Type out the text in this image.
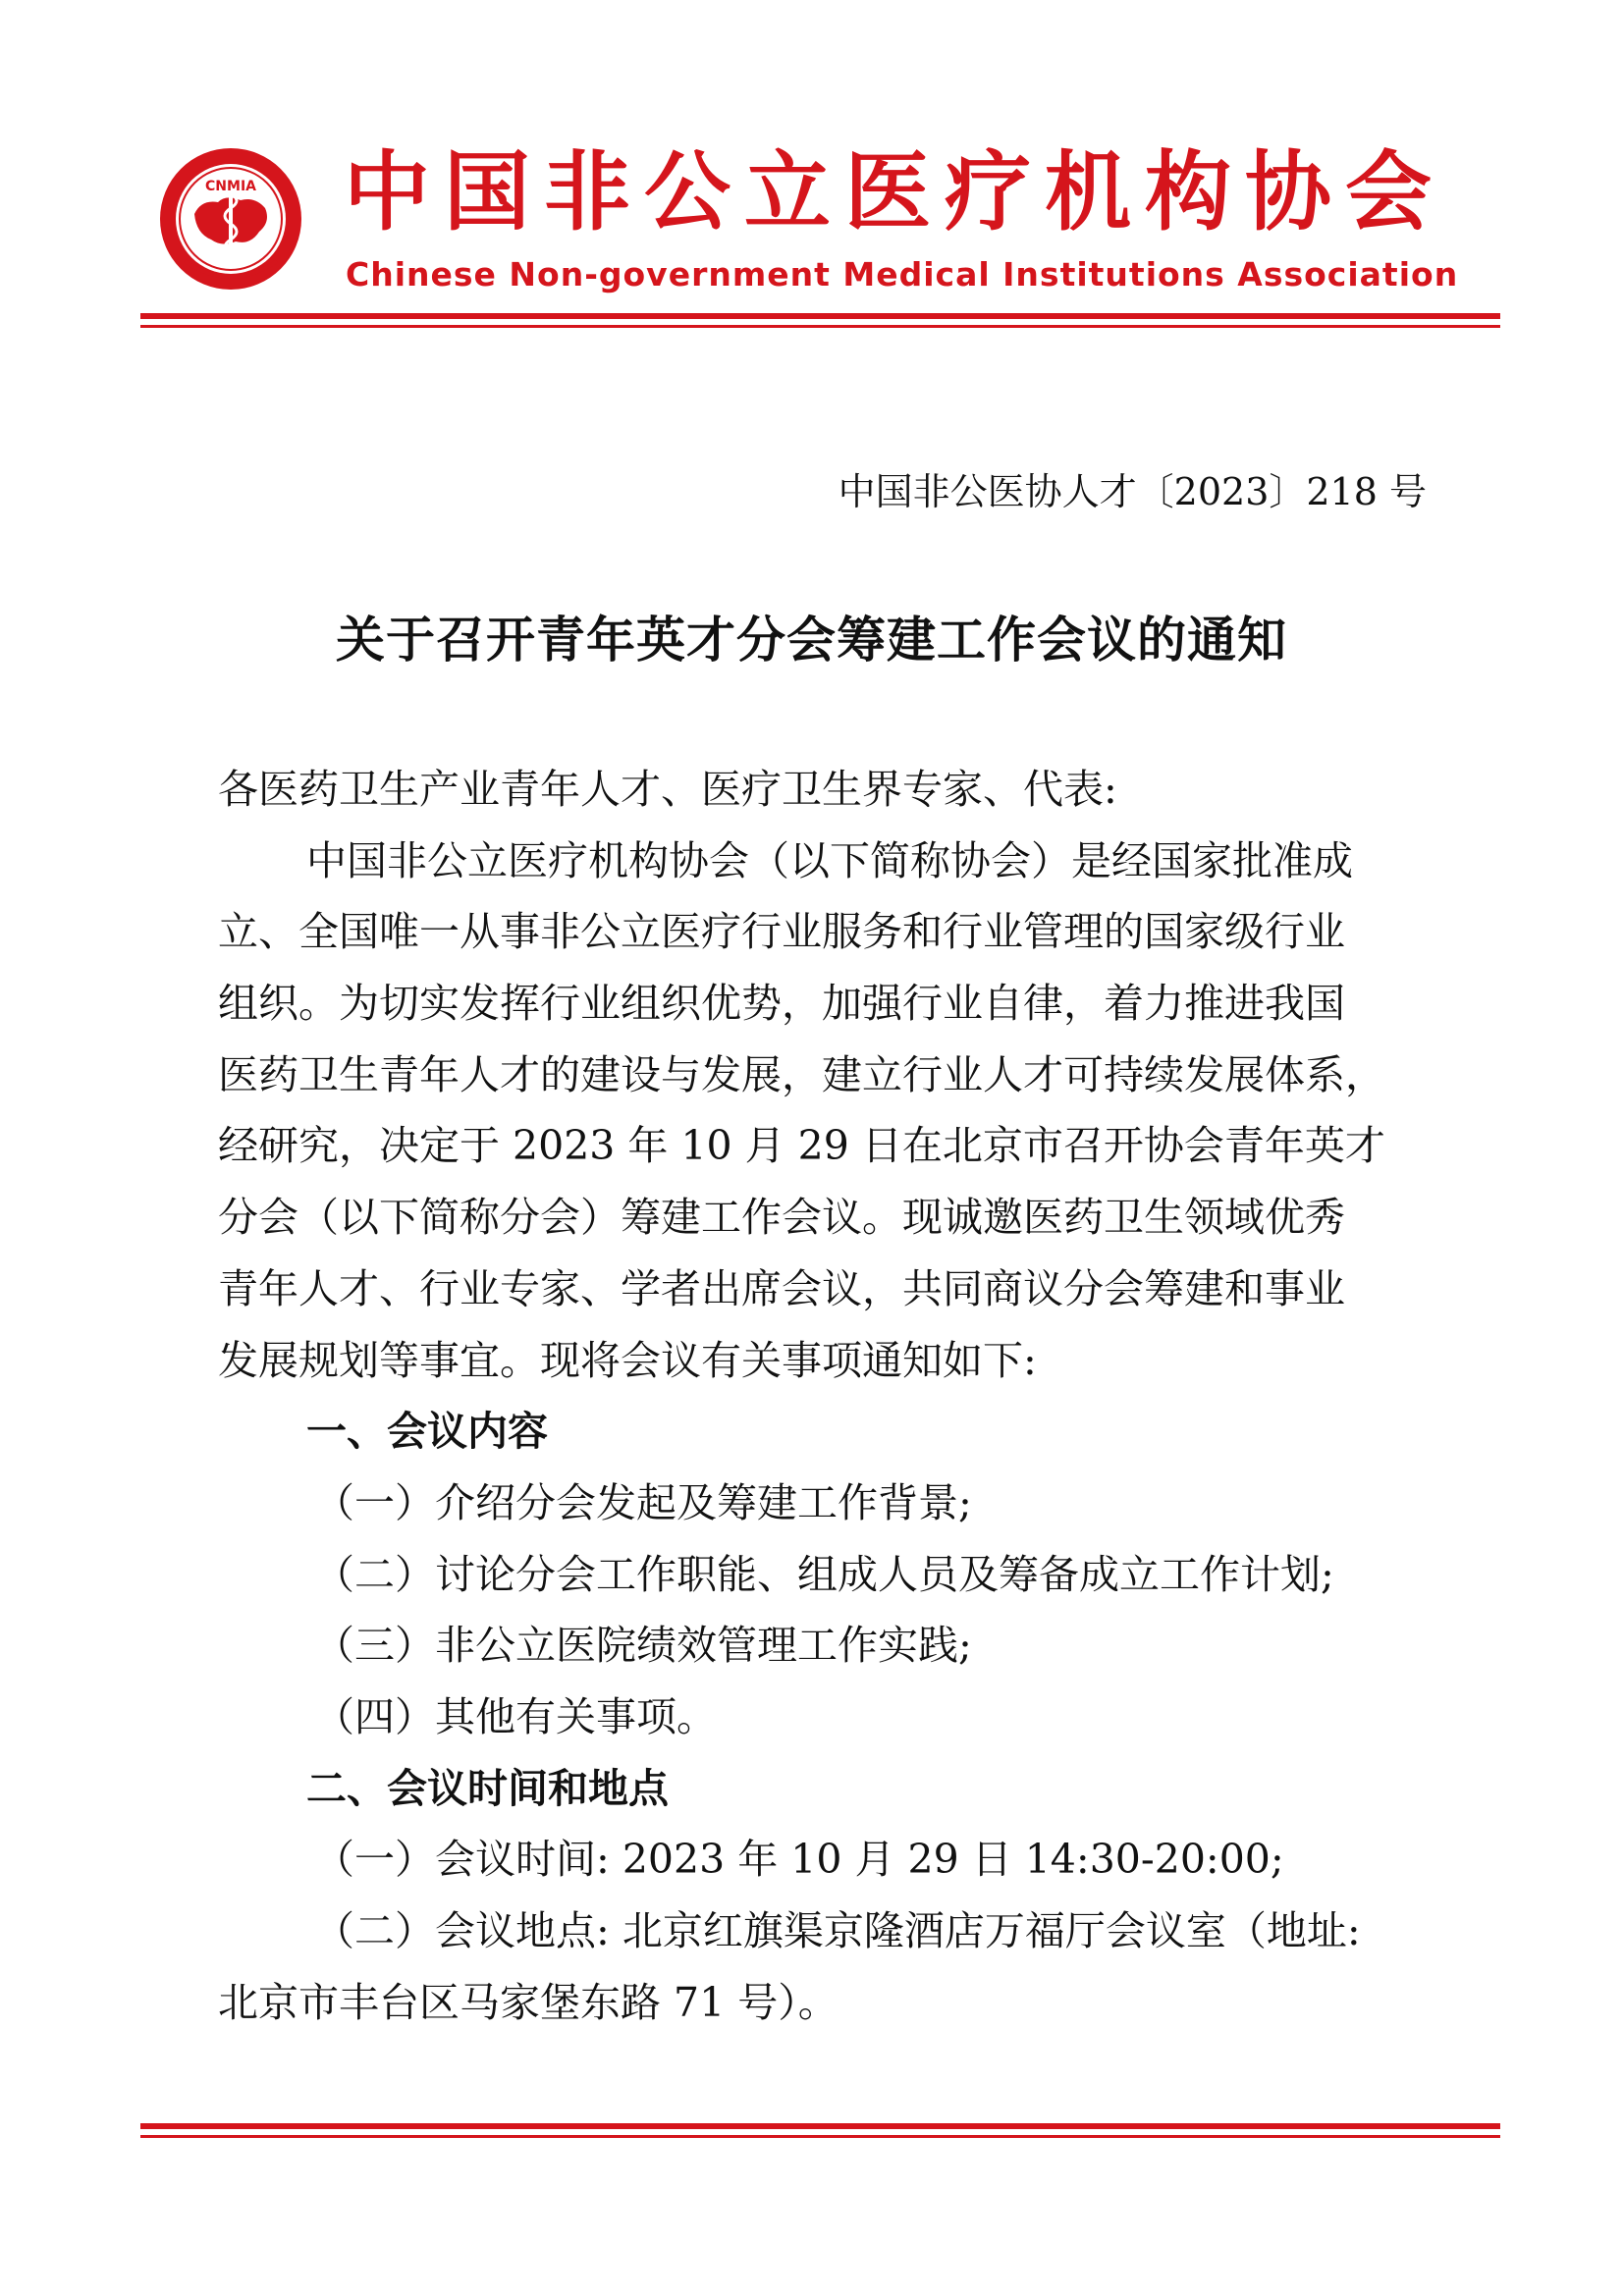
CNMIA 中国非公立医疗机构协会
Chinese Non-government Medical Institutions Association
中国非公医协人才〔2023〕218 号
关于召开青年英才分会筹建工作会议的通知
各医药卫生产业青年人才、医疗卫生界专家、代表:
中国非公立医疗机构协会（以下简称协会）是经国家批准成
立、全国唯一从事非公立医疗行业服务和行业管理的国家级行业
组织。为切实发挥行业组织优势，加强行业自律，着力推进我国
医药卫生青年人才的建设与发展，建立行业人才可持续发展体系，
经研究，决定于 2023 年 10 月 29 日在北京市召开协会青年英才
分会（以下简称分会）筹建工作会议。现诚邀医药卫生领域优秀
青年人才、行业专家、学者出席会议，共同商议分会筹建和事业
发展规划等事宜。现将会议有关事项通知如下:
一、会议内容
（一）介绍分会发起及筹建工作背景;
（二）讨论分会工作职能、组成人员及筹备成立工作计划;
（三）非公立医院绩效管理工作实践;
（四）其他有关事项。
二、会议时间和地点
（一）会议时间: 2023 年 10 月 29 日 14:30-20:00;
（二）会议地点: 北京红旗渠京隆酒店万福厅会议室（地址:
北京市丰台区马家堡东路 71 号）。
